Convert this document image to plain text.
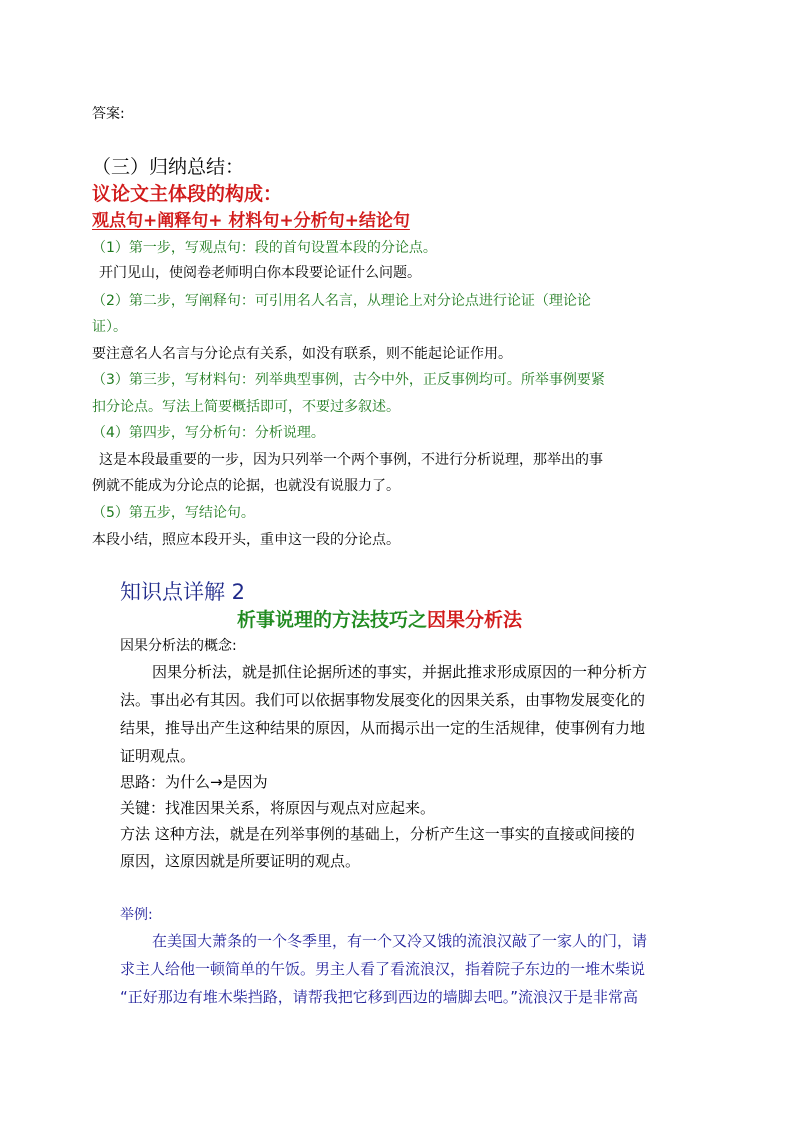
答案:
（三）归纳总结：
议论文主体段的构成：
观点句+阐释句+ 材料句+分析句+结论句
（1）第一步，写观点句：段的首句设置本段的分论点。
开门见山，使阅卷老师明白你本段要论证什么问题。
（2）第二步，写阐释句：可引用名人名言，从理论上对分论点进行论证（理论论
证）。
要注意名人名言与分论点有关系，如没有联系，则不能起论证作用。
（3）第三步，写材料句：列举典型事例，古今中外，正反事例均可。所举事例要紧
扣分论点。写法上简要概括即可，不要过多叙述。
（4）第四步，写分析句：分析说理。
这是本段最重要的一步，因为只列举一个两个事例，不进行分析说理，那举出的事
例就不能成为分论点的论据，也就没有说服力了。
（5）第五步，写结论句。
本段小结，照应本段开头，重申这一段的分论点。
知识点详解 2
析事说理的方法技巧之因果分析法
因果分析法的概念:
因果分析法，就是抓住论据所述的事实，并据此推求形成原因的一种分析方
法。事出必有其因。我们可以依据事物发展变化的因果关系，由事物发展变化的
结果，推导出产生这种结果的原因，从而揭示出一定的生活规律，使事例有力地
证明观点。
思路：为什么→是因为
关键：找准因果关系，将原因与观点对应起来。
方法 这种方法，就是在列举事例的基础上，分析产生这一事实的直接或间接的
原因，这原因就是所要证明的观点。
举例:
在美国大萧条的一个冬季里，有一个又冷又饿的流浪汉敲了一家人的门，请
求主人给他一顿简单的午饭。男主人看了看流浪汉，指着院子东边的一堆木柴说
“正好那边有堆木柴挡路，请帮我把它移到西边的墙脚去吧。”流浪汉于是非常高
